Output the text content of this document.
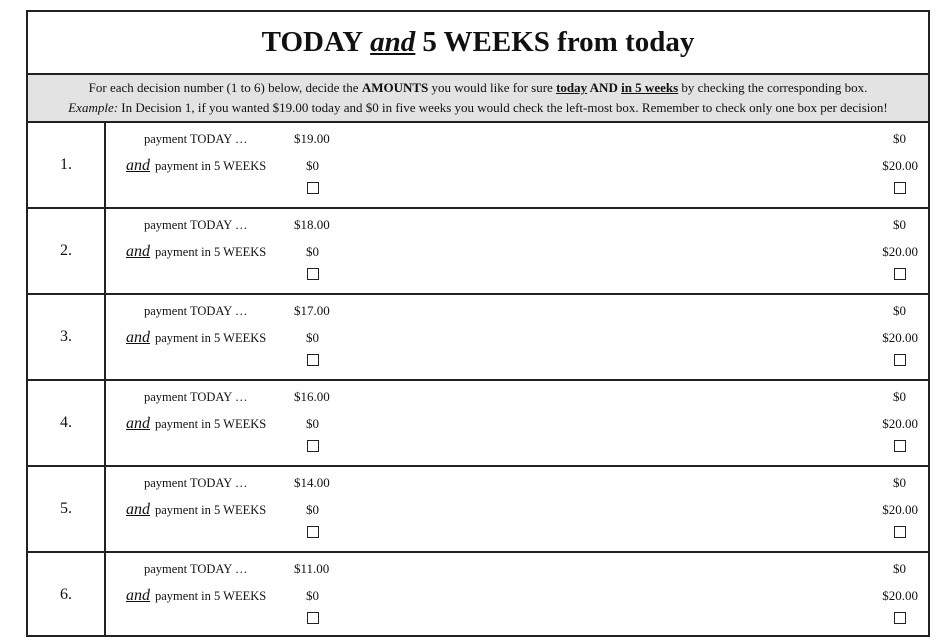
TODAY and 5 WEEKS from today
For each decision number (1 to 6) below, decide the AMOUNTS you would like for sure today AND in 5 weeks by checking the corresponding box.
Example: In Decision 1, if you wanted $19.00 today and $0 in five weeks you would check the left-most box. Remember to check only one box per decision!
1.
payment TODAY …
and payment in 5 WEEKS
$19.00
$0
$0
$20.00
2.
payment TODAY …
and payment in 5 WEEKS
$18.00
$0
$0
$20.00
3.
payment TODAY …
and payment in 5 WEEKS
$17.00
$0
$0
$20.00
4.
payment TODAY …
and payment in 5 WEEKS
$16.00
$0
$0
$20.00
5.
payment TODAY …
and payment in 5 WEEKS
$14.00
$0
$0
$20.00
6.
payment TODAY …
and payment in 5 WEEKS
$11.00
$0
$0
$20.00
